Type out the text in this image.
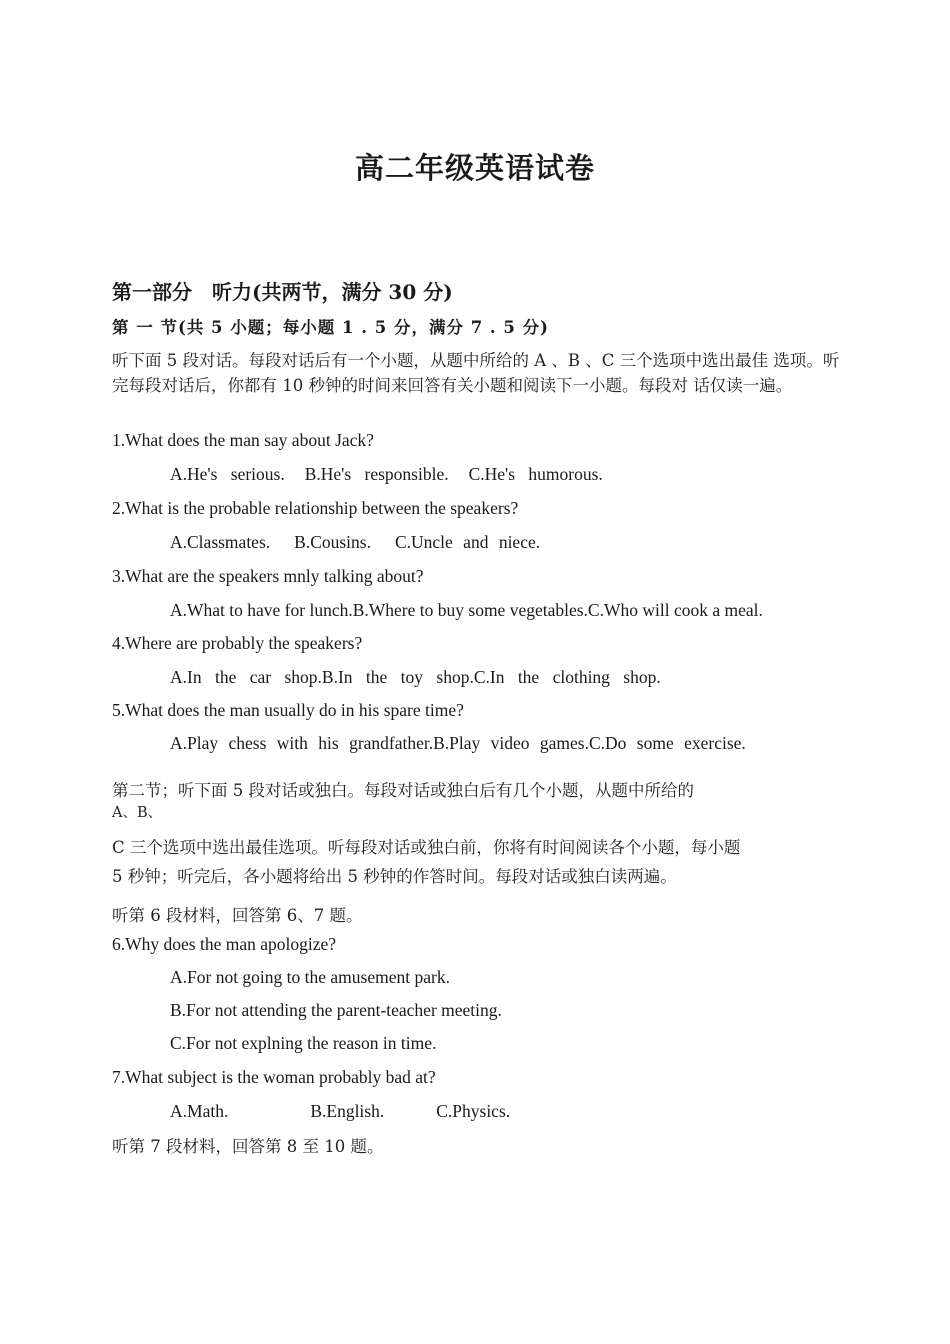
高二年级英语试卷
第一部分　听力(共两节，满分 30 分)
第 一 节(共 5 小题；每小题 1 . 5 分，满分 7 . 5 分)
听下面 5 段对话。每段对话后有一个小题，从题中所给的 A 、B 、C 三个选项中选出最佳 选项。听完每段对话后，你都有 10 秒钟的时间来回答有关小题和阅读下一小题。每段对 话仅读一遍。
1.What does the man say about Jack?
A.He's serious. B.He's responsible. C.He's humorous.
2.What is the probable relationship between the speakers?
A.Classmates. B.Cousins. C.Uncle and niece.
3.What are the speakers mnly talking about?
A.What to have for lunch.B.Where to buy some vegetables.C.Who will cook a meal.
4.Where are probably the speakers?
A.In the car shop.B.In the toy shop.C.In the clothing shop.
5.What does the man usually do in his spare time?
A.Play chess with his grandfather.B.Play video games.C.Do some exercise.
第二节；听下面 5 段对话或独白。每段对话或独白后有几个小题，从题中所给的
A、B、
C 三个选项中选出最佳选项。听每段对话或独白前，你将有时间阅读各个小题，每小题
5 秒钟；听完后，各小题将给出 5 秒钟的作答时间。每段对话或独白读两遍。
听第 6 段材料，回答第 6、7 题。
6.Why does the man apologize?
A.For not going to the amusement park.
B.For not attending the parent-teacher meeting.
C.For not explning the reason in time.
7.What subject is the woman probably bad at?
A.Math.	B.English.	C.Physics.
听第 7 段材料，回答第 8 至 10 题。
